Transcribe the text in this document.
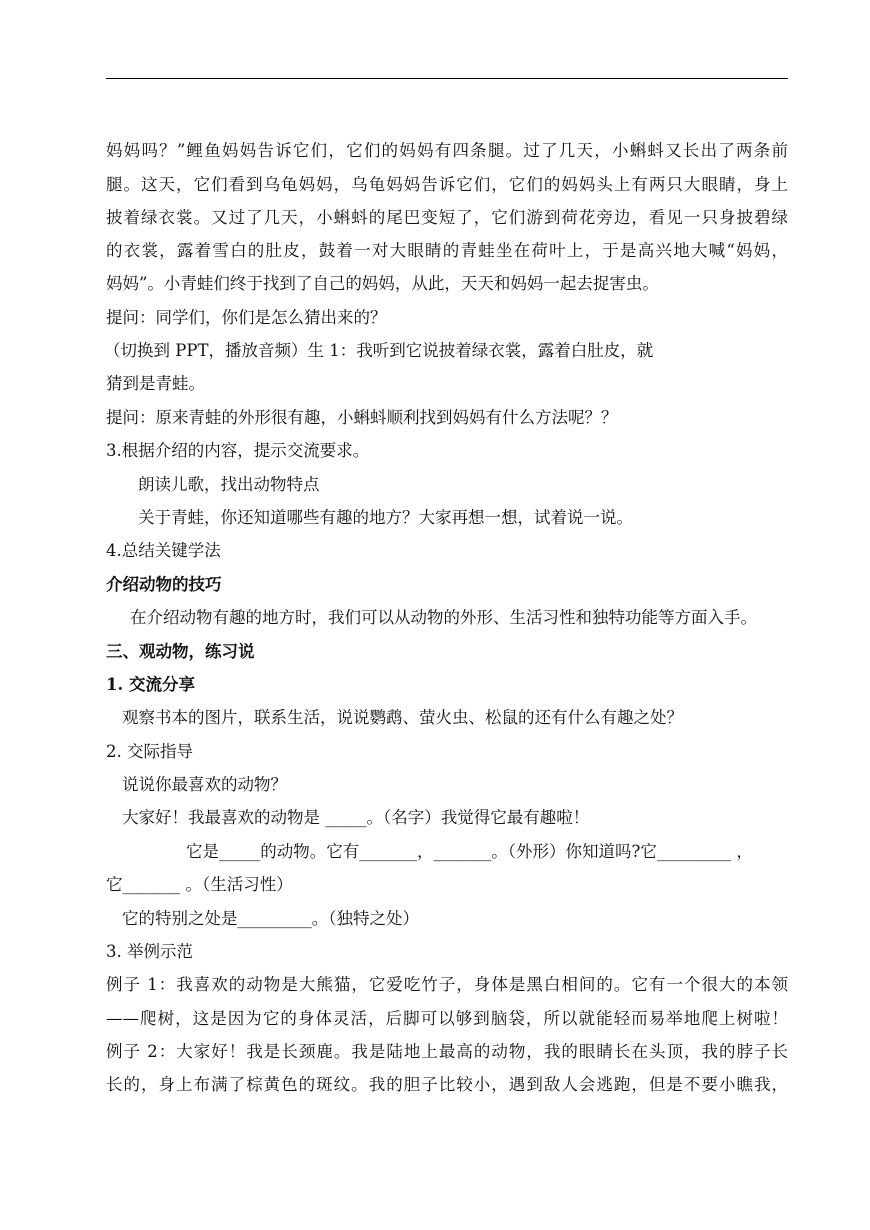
妈妈吗？”鲤鱼妈妈告诉它们，它们的妈妈有四条腿。过了几天，小蝌蚪又长出了两条前
腿。这天，它们看到乌龟妈妈，乌龟妈妈告诉它们，它们的妈妈头上有两只大眼睛，身上
披着绿衣裳。又过了几天，小蝌蚪的尾巴变短了，它们游到荷花旁边，看见一只身披碧绿
的衣裳，露着雪白的肚皮，鼓着一对大眼睛的青蛙坐在荷叶上，于是高兴地大喊“妈妈，
妈妈”。小青蛙们终于找到了自己的妈妈，从此，天天和妈妈一起去捉害虫。
提问：同学们，你们是怎么猜出来的？
（切换到 PPT，播放音频）生 1：我听到它说披着绿衣裳，露着白肚皮，就
猜到是青蛙。
提问：原来青蛙的外形很有趣，小蝌蚪顺利找到妈妈有什么方法呢？？
3.根据介绍的内容，提示交流要求。
朗读儿歌，找出动物特点
关于青蛙，你还知道哪些有趣的地方？大家再想一想，试着说一说。
4.总结关键学法
介绍动物的技巧
在介绍动物有趣的地方时，我们可以从动物的外形、生活习性和独特功能等方面入手。
三、观动物，练习说
1. 交流分享
观察书本的图片，联系生活，说说鹦鹉、萤火虫、松鼠的还有什么有趣之处？
2. 交际指导
说说你最喜欢的动物？
大家好！我最喜欢的动物是 _____。（名字）我觉得它最有趣啦！
它是_____的动物。它有_______，_______。（外形）你知道吗?它_________ ，
它_______ 。（生活习性）
它的特别之处是_________。（独特之处）
3. 举例示范
例子 1：我喜欢的动物是大熊猫，它爱吃竹子，身体是黑白相间的。它有一个很大的本领
——爬树，这是因为它的身体灵活，后脚可以够到脑袋，所以就能轻而易举地爬上树啦！
例子 2：大家好！我是长颈鹿。我是陆地上最高的动物，我的眼睛长在头顶，我的脖子长
长的，身上布满了棕黄色的斑纹。我的胆子比较小，遇到敌人会逃跑，但是不要小瞧我，
